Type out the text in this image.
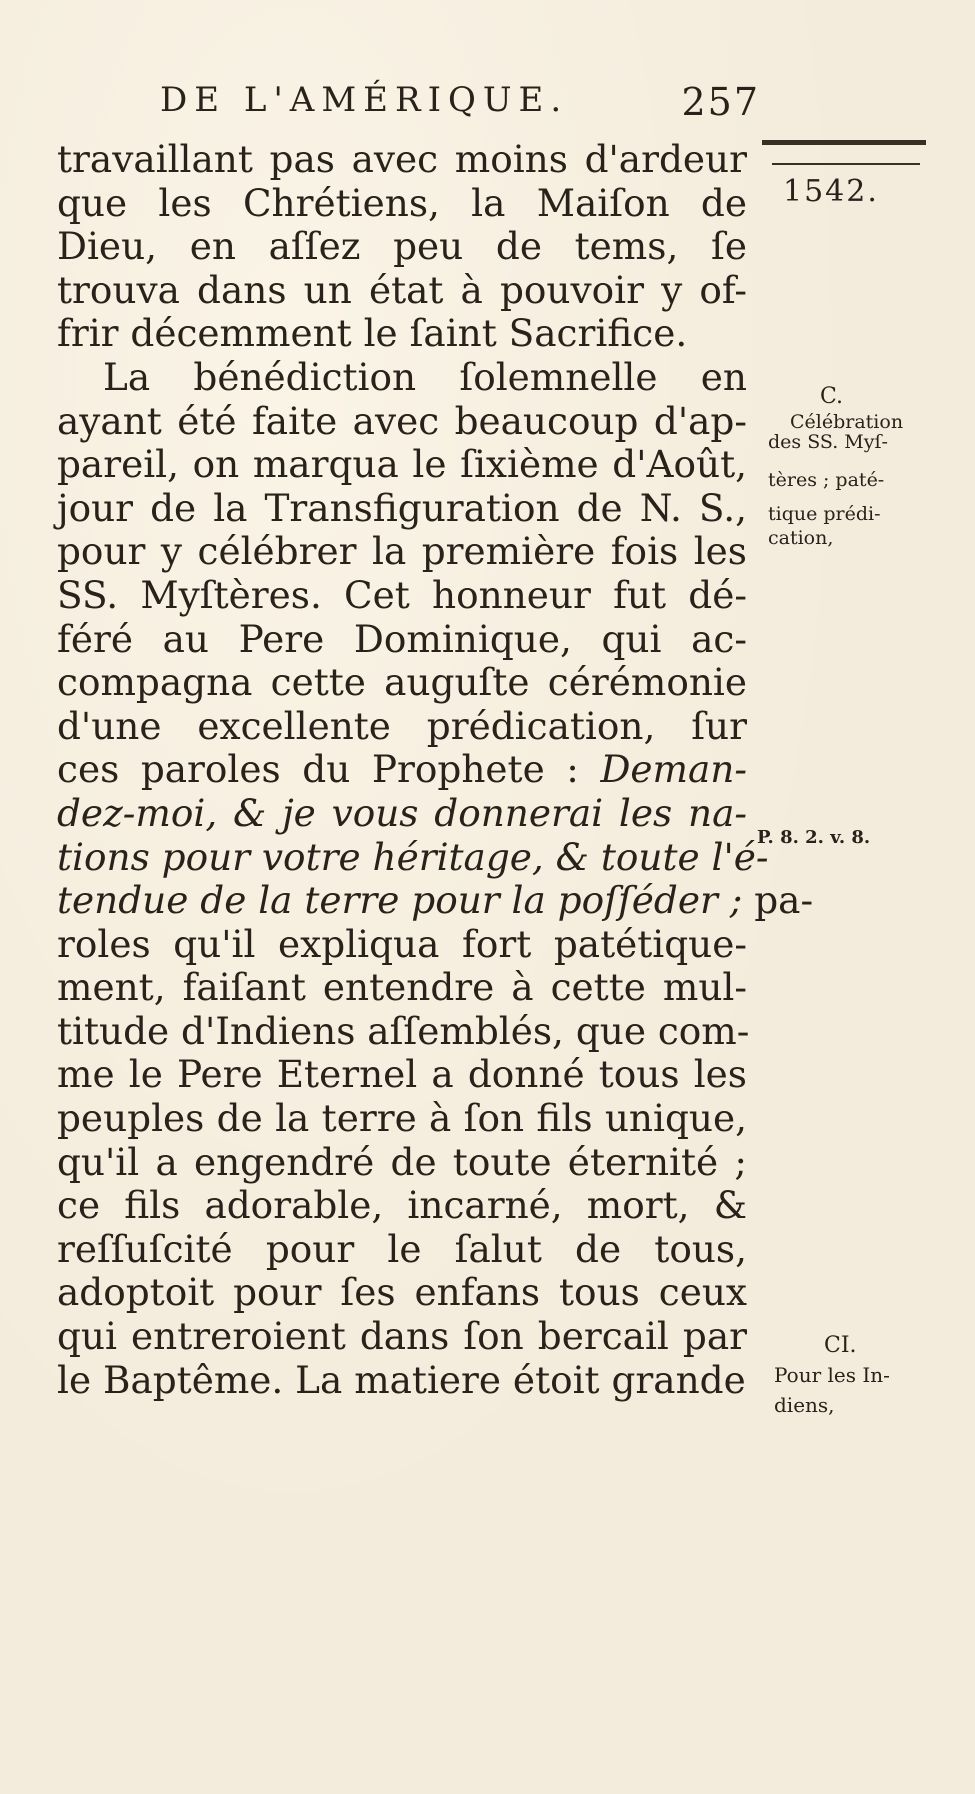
DE L'AMÉRIQUE.	257
1542.
travaillant pas avec moins d'ardeur
que les Chrétiens, la Maiſon de
Dieu, en aſſez peu de tems, ſe
trouva dans un état à pouvoir y of-
frir décemment le ſaint Sacrifice.
La bénédiction ſolemnelle en
ayant été faite avec beaucoup d'ap-
pareil, on marqua le ſixième d'Août,
jour de la Transfiguration de N. S.,
pour y célébrer la première fois les
SS. Myſtères. Cet honneur fut dé-
féré au Pere Dominique, qui ac-
compagna cette auguſte cérémonie
d'une excellente prédication, ſur
ces paroles du Prophete : Deman-
dez-moi, & je vous donnerai les na-
tions pour votre héritage, & toute l'é-
tendue de la terre pour la poſſéder ; pa-
roles qu'il expliqua fort patétique-
ment, faiſant entendre à cette mul-
titude d'Indiens aſſemblés, que com-
me le Pere Eternel a donné tous les
peuples de la terre à ſon fils unique,
qu'il a engendré de toute éternité ;
ce fils adorable, incarné, mort, &
reſſuſcité pour le ſalut de tous,
adoptoit pour ſes enfans tous ceux
qui entreroient dans ſon bercail par
le Baptême. La matiere étoit grande
C.
Célébration
des SS. Myſ-
tères ; paté-
tique prédi-
cation,
P. 8. 2. v. 8.
CI.
Pour les In-
diens,
